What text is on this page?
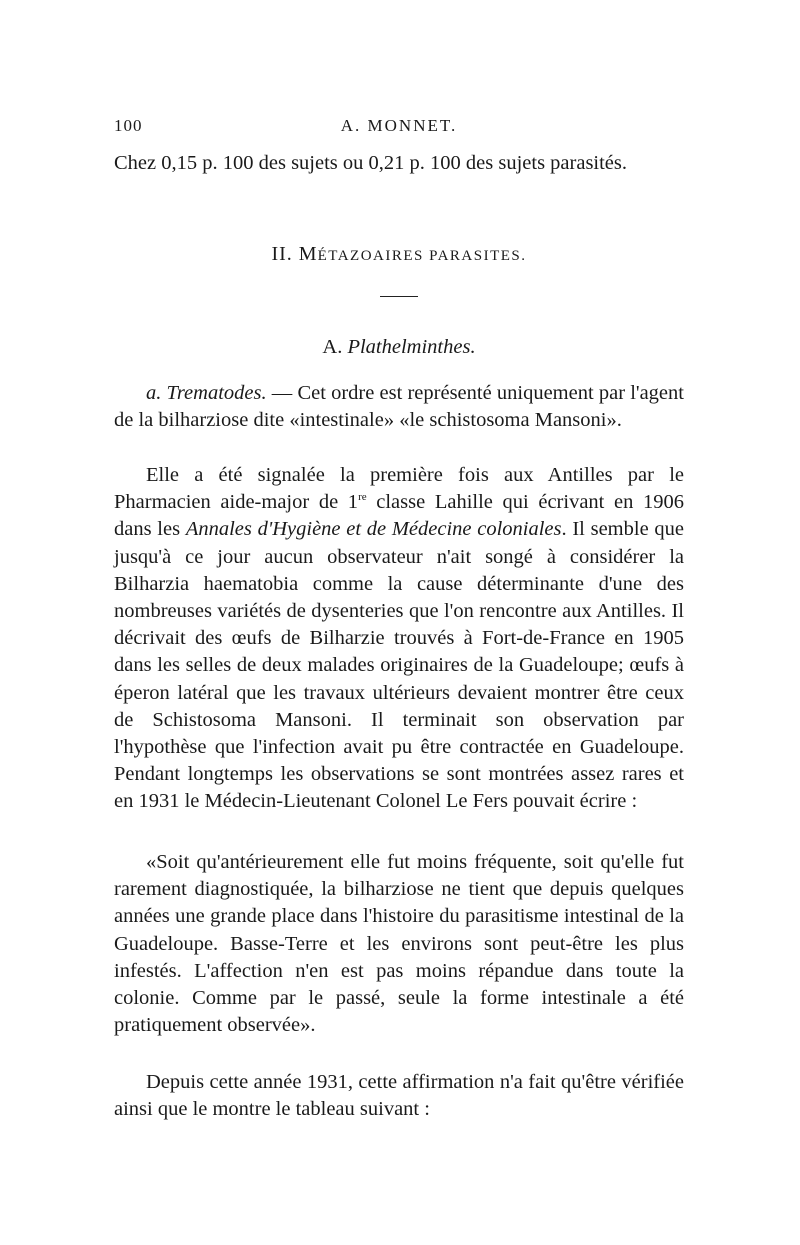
100	A. MONNET.

Chez 0,15 p. 100 des sujets ou 0,21 p. 100 des sujets parasités.

II. MÉTAZOAIRES PARASITES.
A. Plathelminthes.

a. Trematodes. — Cet ordre est représenté uniquement par l'agent de la bilharziose dite «intestinale» «le schistosoma Mansoni».

Elle a été signalée la première fois aux Antilles par le Pharmacien aide-major de 1re classe Lahille qui écrivant en 1906 dans les Annales d'Hygiène et de Médecine coloniales. Il semble que jusqu'à ce jour aucun observateur n'ait songé à considérer la Bilharzia haematobia comme la cause déterminante d'une des nombreuses variétés de dysenteries que l'on rencontre aux Antilles. Il décrivait des œufs de Bilharzie trouvés à Fort-de-France en 1905 dans les selles de deux malades originaires de la Guadeloupe; œufs à éperon latéral que les travaux ultérieurs devaient montrer être ceux de Schistosoma Mansoni. Il terminait son observation par l'hypothèse que l'infection avait pu être contractée en Guadeloupe. Pendant longtemps les observations se sont montrées assez rares et en 1931 le Médecin-Lieutenant Colonel Le Fers pouvait écrire :

«Soit qu'antérieurement elle fut moins fréquente, soit qu'elle fut rarement diagnostiquée, la bilharziose ne tient que depuis quelques années une grande place dans l'histoire du parasitisme intestinal de la Guadeloupe. Basse-Terre et les environs sont peut-être les plus infestés. L'affection n'en est pas moins répandue dans toute la colonie. Comme par le passé, seule la forme intestinale a été pratiquement observée».

Depuis cette année 1931, cette affirmation n'a fait qu'être vérifiée ainsi que le montre le tableau suivant :
